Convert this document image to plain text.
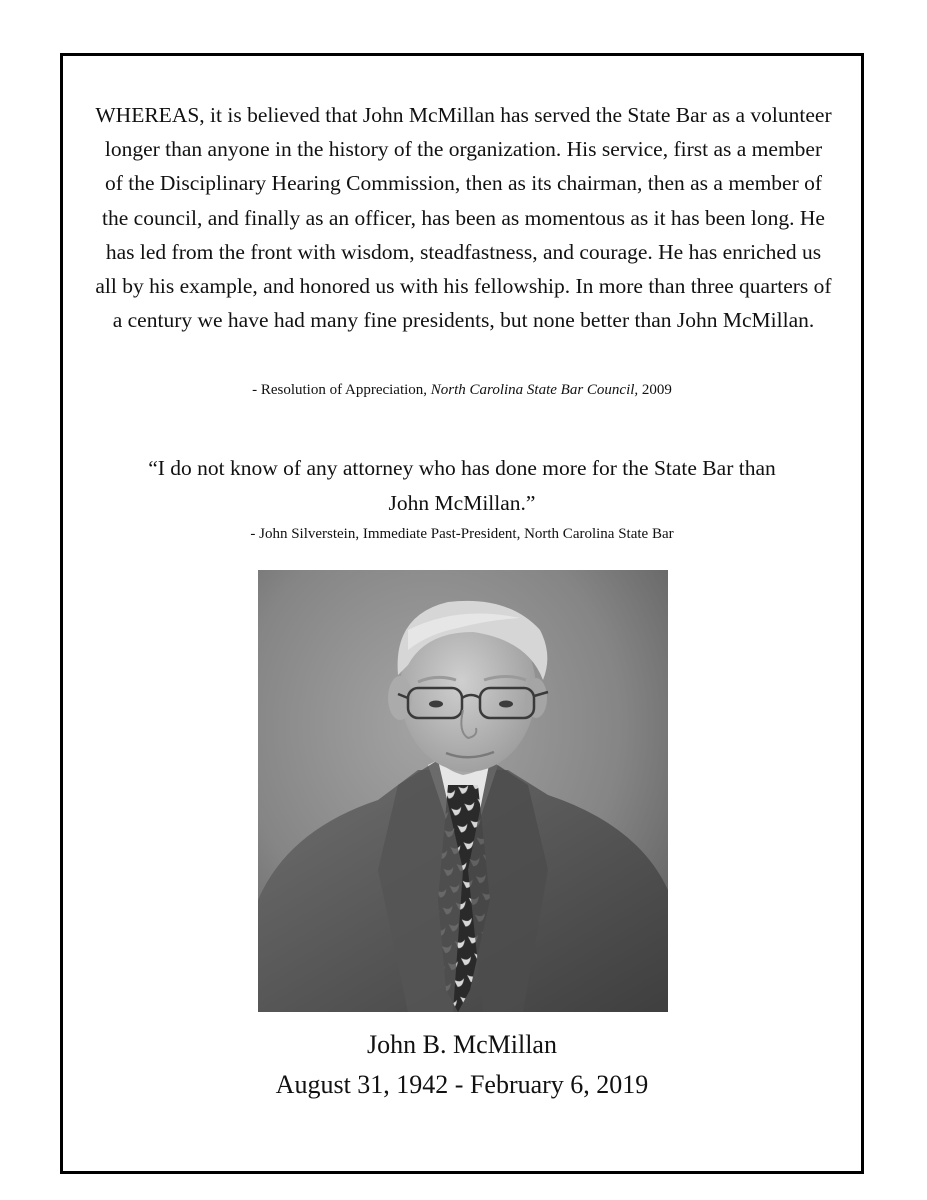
WHEREAS, it is believed that John McMillan has served the State Bar as a volunteer longer than anyone in the history of the organization. His service, first as a member of the Disciplinary Hearing Commission, then as its chairman, then as a member of the council, and finally as an officer, has been as momentous as it has been long. He has led from the front with wisdom, steadfastness, and courage. He has enriched us all by his example, and honored us with his fellowship. In more than three quarters of a century we have had many fine presidents, but none better than John McMillan.

- Resolution of Appreciation, North Carolina State Bar Council, 2009

“I do not know of any attorney who has done more for the State Bar than
John McMillan.”

- John Silverstein, Immediate Past-President, North Carolina State Bar

John B. McMillan

August 31, 1942 - February 6, 2019
